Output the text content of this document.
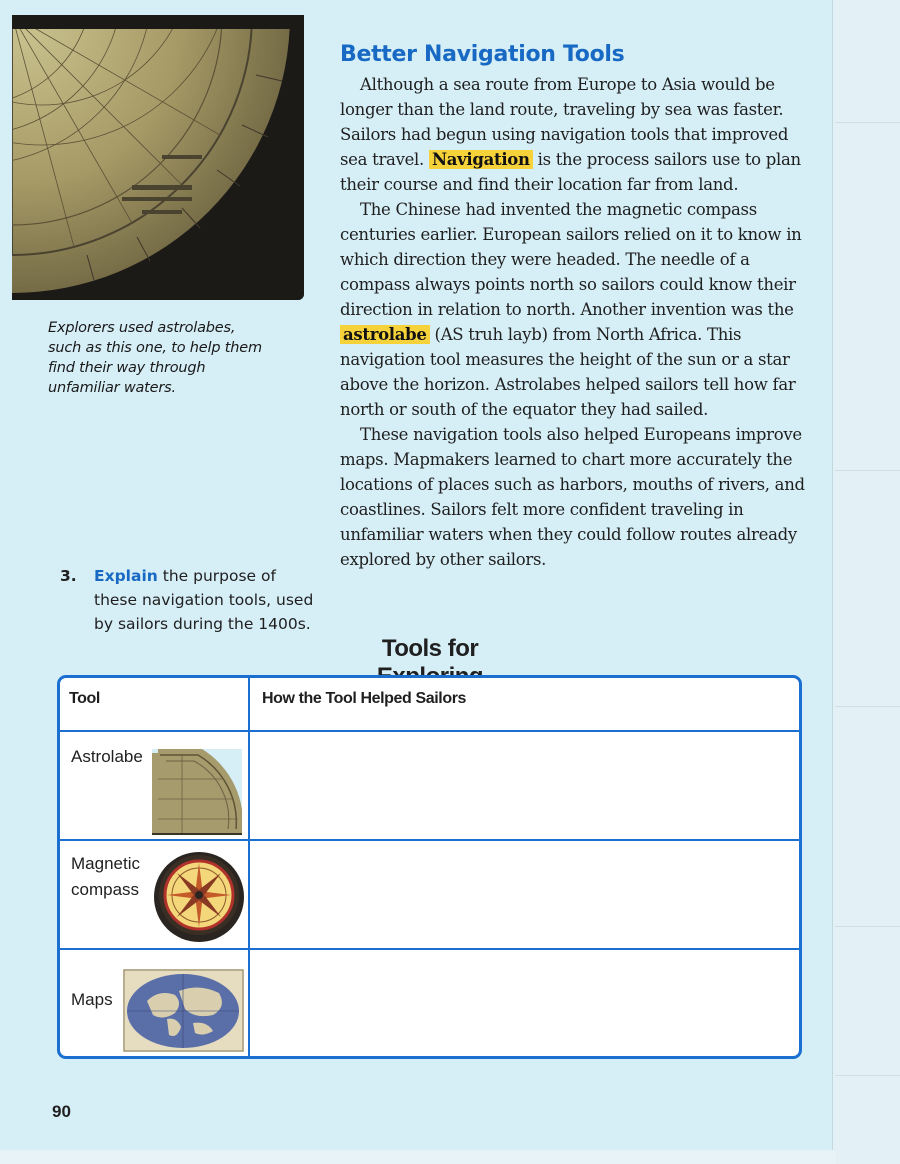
Explorers used astrolabes, such as this one, to help them find their way through unfamiliar waters.
Better Navigation Tools

Although a sea route from Europe to Asia would be longer than the land route, traveling by sea was faster. Sailors had begun using navigation tools that improved sea travel. Navigation is the process sailors use to plan their course and find their location far from land.

The Chinese had invented the magnetic compass centuries earlier. European sailors relied on it to know in which direction they were headed. The needle of a compass always points north so sailors could know their direction in relation to north. Another invention was the astrolabe (AS truh layb) from North Africa. This navigation tool measures the height of the sun or a star above the horizon. Astrolabes helped sailors tell how far north or south of the equator they had sailed.

These navigation tools also helped Europeans improve maps. Mapmakers learned to chart more accurately the locations of places such as harbors, mouths of rivers, and coastlines. Sailors felt more confident traveling in unfamiliar waters when they could follow routes already explored by other sailors.

3.	Explain the purpose of these navigation tools, used by sailors during the 1400s.
Tools for
Tool	How the Tool Helped Sailors
Astrolabe
Magnetic compass
Maps
90
